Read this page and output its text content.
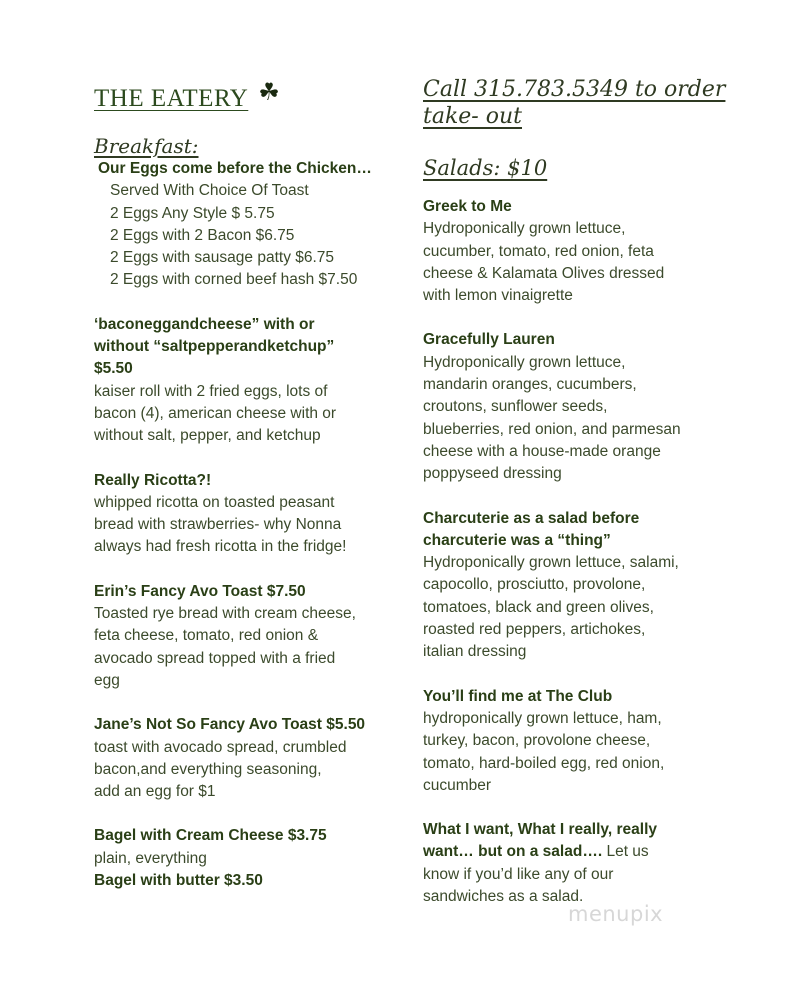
THE EATERY ☘
Breakfast:
Our Eggs come before the Chicken…
Served With Choice Of Toast
2 Eggs Any Style $ 5.75
2 Eggs with 2 Bacon $6.75
2 Eggs with sausage patty $6.75
2 Eggs with corned beef hash $7.50
‘baconeggandcheese” with or
without “saltpepperandketchup”
$5.50
kaiser roll with 2 fried eggs, lots of
bacon (4), american cheese with or
without salt, pepper, and ketchup
Really Ricotta?!
whipped ricotta on toasted peasant
bread with strawberries- why Nonna
always had fresh ricotta in the fridge!
Erin’s Fancy Avo Toast $7.50
Toasted rye bread with cream cheese,
feta cheese, tomato, red onion &
avocado spread topped with a fried
egg
Jane’s Not So Fancy Avo Toast $5.50
toast with avocado spread, crumbled
bacon,and everything seasoning,
add an egg for $1
Bagel with Cream Cheese $3.75
plain, everything
Bagel with butter $3.50
Call 315.783.5349 to order
take- out
Salads: $10
Greek to Me
Hydroponically grown lettuce,
cucumber, tomato, red onion, feta
cheese & Kalamata Olives dressed
with lemon vinaigrette
Gracefully Lauren
Hydroponically grown lettuce,
mandarin oranges, cucumbers,
croutons, sunflower seeds,
blueberries, red onion, and parmesan
cheese with a house-made orange
poppyseed dressing
Charcuterie as a salad before
charcuterie was a “thing”
Hydroponically grown lettuce, salami,
capocollo, prosciutto, provolone,
tomatoes, black and green olives,
roasted red peppers, artichokes,
italian dressing
You’ll find me at The Club
hydroponically grown lettuce, ham,
turkey, bacon, provolone cheese,
tomato, hard-boiled egg, red onion,
cucumber
What I want, What I really, really
want… but on a salad…. Let us
know if you’d like any of our
sandwiches as a salad.
menupix
